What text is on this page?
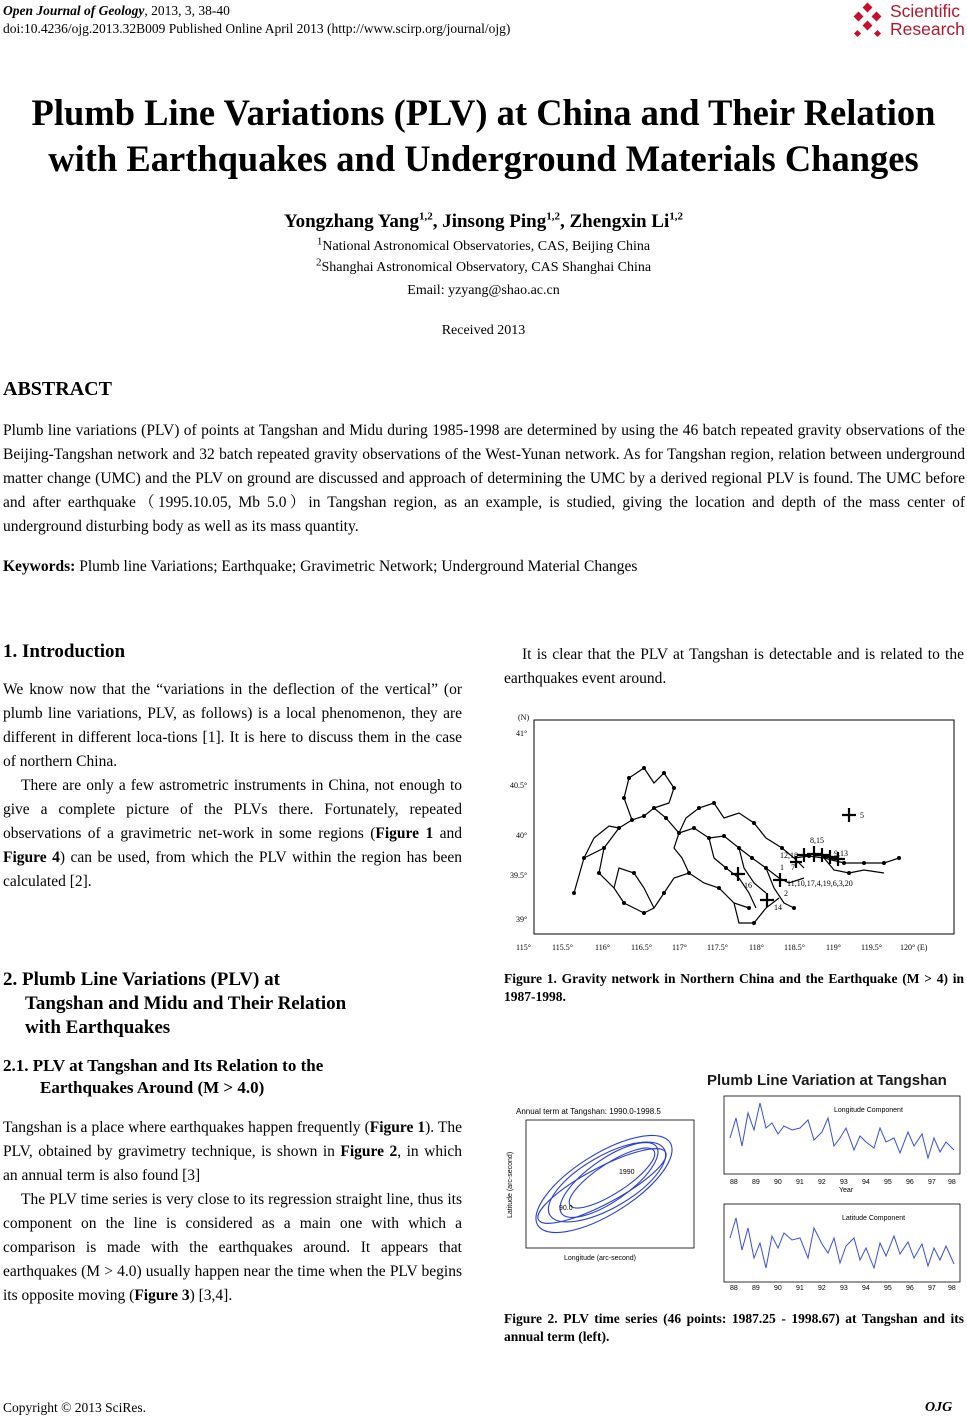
Open Journal of Geology, 2013, 3, 38-40
doi:10.4236/ojg.2013.32B009 Published Online April 2013 (http://www.scirp.org/journal/ojg)
Scientific
Research
Plumb Line Variations (PLV) at China and Their Relation
with Earthquakes and Underground Materials Changes
Yongzhang Yang$^{1,2}$, Jinsong Ping$^{1,2}$, Zhengxin Li$^{1,2}$
$^1$National Astronomical Observatories, CAS, Beijing China
$^2$Shanghai Astronomical Observatory, CAS Shanghai China
Email: yzyang@shao.ac.cn
Received 2013
ABSTRACT
Plumb line variations (PLV) of points at Tangshan and Midu during 1985-1998 are determined by using the 46 batch repeated gravity observations of the Beijing-Tangshan network and 32 batch repeated gravity observations of the West-Yunan network. As for Tangshan region, relation between underground matter change (UMC) and the PLV on ground are discussed and approach of determining the UMC by a derived regional PLV is found. The UMC before and after earthquake（1995.10.05, Mb 5.0）in Tangshan region, as an example, is studied, giving the location and depth of the mass center of underground disturbing body as well as its mass quantity.
Keywords: Plumb line Variations; Earthquake; Gravimetric Network; Underground Material Changes
1. Introduction

We know now that the “variations in the deflection of the vertical” (or plumb line variations, PLV, as follows) is a local phenomenon, they are different in different loca-tions [1]. It is here to discuss them in the case of northern China.

There are only a few astrometric instruments in China, not enough to give a complete picture of the PLVs there. Fortunately, repeated observations of a gravimetric net-work in some regions (Figure 1 and Figure 4) can be used, from which the PLV within the region has been calculated [2].

2. Plumb Line Variations (PLV) at
Tangshan and Midu and Their Relation
with Earthquakes
2.1. PLV at Tangshan and Its Relation to the
Earthquakes Around (M > 4.0)

Tangshan is a place where earthquakes happen frequently (Figure 1). The PLV, obtained by gravimetry technique, is shown in Figure 2, in which an annual term is also found [3]

The PLV time series is very close to its regression straight line, thus its component on the line is considered as a main one with which a comparison is made with the earthquakes around. It appears that earthquakes (M > 4.0) usually happen near the time when the PLV begins its opposite moving (Figure 3) [3,4].

It is clear that the PLV at Tangshan is detectable and is related to the earthquakes event around.

(N)
41°
40.5°
40°
39.5°
39°
115°	115.5°	116°	116.5°	117°	117.5°	118°	118.5°	119°	119.5° 120° (E)
5
8,15
9,13
12,18
11,10,17,4,19,6,3,20
1 7
16
2
14
Figure 1. Gravity network in Northern China and the Earthquake (M > 4) in 1987-1998.
Plumb Line Variation at Tangshan
Annual term at Tangshan: 1990.0-1998.5
1990
90.0
Longitude (arc-second)
Latitude (arc-second)
Longitude Component
88 89 90 91 92 93 94 95 96 97 98
Year
Latitude Component
88 89 90 91 92 93 94 95 96 97 98
Figure 2. PLV time series (46 points: 1987.25 - 1998.67) at Tangshan and its annual term (left).
Copyright © 2013 SciRes.	OJG
